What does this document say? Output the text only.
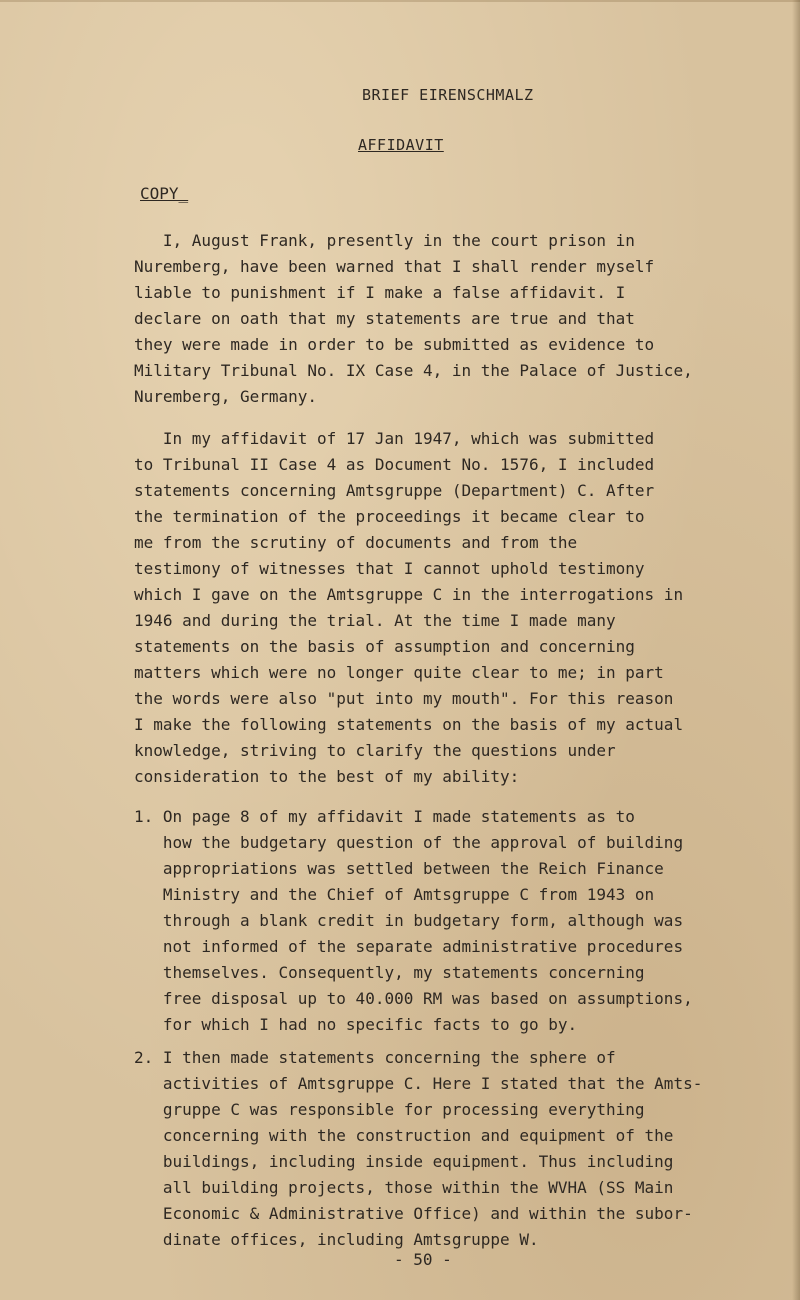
BRIEF EIRENSCHMALZ
AFFIDAVIT
COPY_
I, August Frank, presently in the court prison in
Nuremberg, have been warned that I shall render myself
liable to punishment if I make a false affidavit. I
declare on oath that my statements are true and that
they were made in order to be submitted as evidence to
Military Tribunal No. IX Case 4, in the Palace of Justice,
Nuremberg, Germany.
In my affidavit of 17 Jan 1947, which was submitted
to Tribunal II Case 4 as Document No. 1576, I included
statements concerning Amtsgruppe (Department) C. After
the termination of the proceedings it became clear to
me from the scrutiny of documents and from the
testimony of witnesses that I cannot uphold testimony
which I gave on the Amtsgruppe C in the interrogations in
1946 and during the trial. At the time I made many
statements on the basis of assumption and concerning
matters which were no longer quite clear to me; in part
the words were also "put into my mouth". For this reason
I make the following statements on the basis of my actual
knowledge, striving to clarify the questions under
consideration to the best of my ability:
1. On page 8 of my affidavit I made statements as to
how the budgetary question of the approval of building
appropriations was settled between the Reich Finance
Ministry and the Chief of Amtsgruppe C from 1943 on
through a blank credit in budgetary form, although was
not informed of the separate administrative procedures
themselves. Consequently, my statements concerning
free disposal up to 40.000 RM was based on assumptions,
for which I had no specific facts to go by.
2. I then made statements concerning the sphere of
activities of Amtsgruppe C. Here I stated that the Amts-
gruppe C was responsible for processing everything
concerning with the construction and equipment of the
buildings, including inside equipment. Thus including
all building projects, those within the WVHA (SS Main
Economic & Administrative Office) and within the subor-
dinate offices, including Amtsgruppe W.
- 50 -
